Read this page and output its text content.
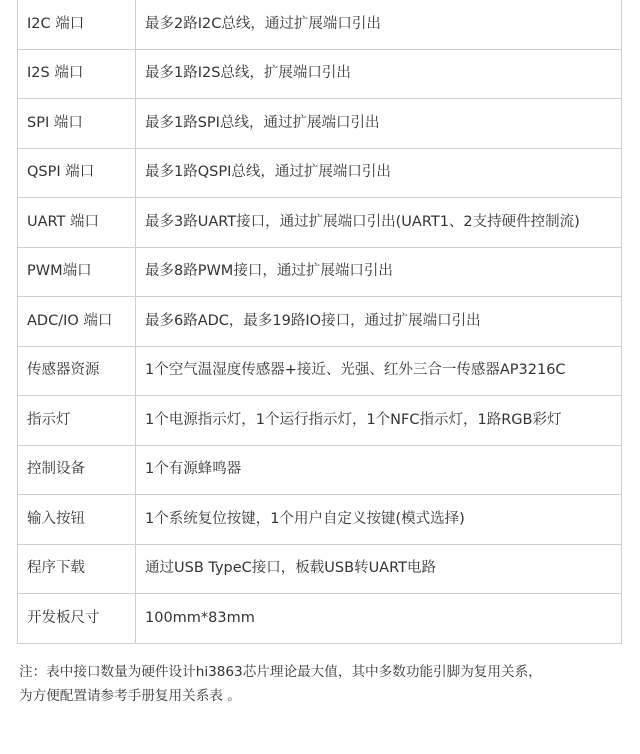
I2C 端口	最多2路I2C总线，通过扩展端口引出
I2S 端口	最多1路I2S总线，扩展端口引出
SPI 端口	最多1路SPI总线，通过扩展端口引出
QSPI 端口	最多1路QSPI总线，通过扩展端口引出
UART 端口	最多3路UART接口，通过扩展端口引出(UART1、2支持硬件控制流)
PWM端口	最多8路PWM接口，通过扩展端口引出
ADC/IO 端口	最多6路ADC，最多19路IO接口，通过扩展端口引出
传感器资源	1个空气温湿度传感器+接近、光强、红外三合一传感器AP3216C
指示灯	1个电源指示灯，1个运行指示灯，1个NFC指示灯，1路RGB彩灯
控制设备	1个有源蜂鸣器
输入按钮	1个系统复位按键，1个用户自定义按键(模式选择)
程序下载	通过USB TypeC接口，板载USB转UART电路
开发板尺寸	100mm*83mm

注：表中接口数量为硬件设计hi3863芯片理论最大值，其中多数功能引脚为复用关系，

为方便配置请参考手册复用关系表 。
